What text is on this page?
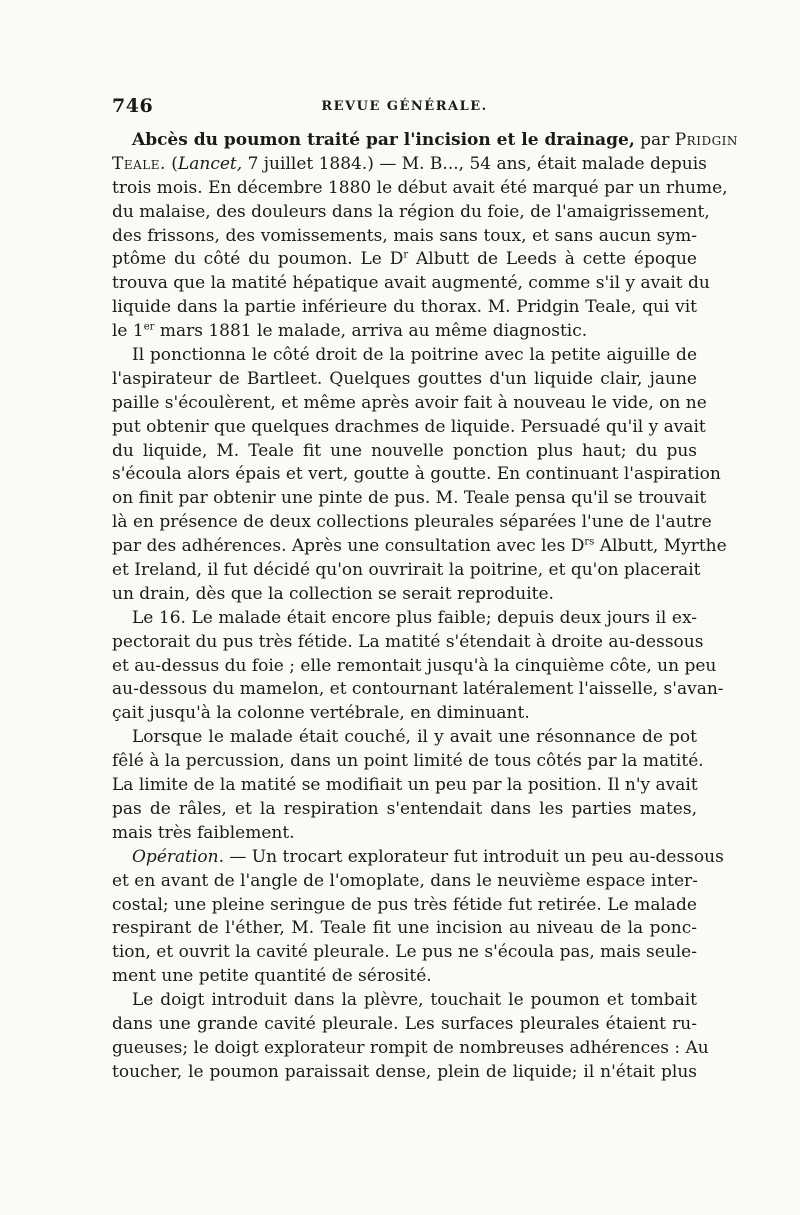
746	REVUE GÉNÉRALE.
Abcès du poumon traité par l'incision et le drainage, par Pridgin
Teale. (Lancet, 7 juillet 1884.) — M. B..., 54 ans, était malade depuis
trois mois. En décembre 1880 le début avait été marqué par un rhume,
du malaise, des douleurs dans la région du foie, de l'amaigrissement,
des frissons, des vomissements, mais sans toux, et sans aucun sym-
ptôme du côté du poumon. Le $D^r$ Albutt de Leeds à cette époque
trouva que la matité hépatique avait augmenté, comme s'il y avait du
liquide dans la partie inférieure du thorax. M. Pridgin Teale, qui vit
le 1er mars 1881 le malade, arriva au même diagnostic.
Il ponctionna le côté droit de la poitrine avec la petite aiguille de
l'aspirateur de Bartleet. Quelques gouttes d'un liquide clair, jaune
paille s'écoulèrent, et même après avoir fait à nouveau le vide, on ne
put obtenir que quelques drachmes de liquide. Persuadé qu'il y avait
du liquide, M. Teale fit une nouvelle ponction plus haut; du pus
s'écoula alors épais et vert, goutte à goutte. En continuant l'aspiration
on finit par obtenir une pinte de pus. M. Teale pensa qu'il se trouvait
là en présence de deux collections pleurales séparées l'une de l'autre
par des adhérences. Après une consultation avec les $D^{rs}$ Albutt, Myrthe
et Ireland, il fut décidé qu'on ouvrirait la poitrine, et qu'on placerait
un drain, dès que la collection se serait reproduite.
Le 16. Le malade était encore plus faible; depuis deux jours il ex-
pectorait du pus très fétide. La matité s'étendait à droite au-dessous
et au-dessus du foie ; elle remontait jusqu'à la cinquième côte, un peu
au-dessous du mamelon, et contournant latéralement l'aisselle, s'avan-
çait jusqu'à la colonne vertébrale, en diminuant.
Lorsque le malade était couché, il y avait une résonnance de pot
fêlé à la percussion, dans un point limité de tous côtés par la matité.
La limite de la matité se modifiait un peu par la position. Il n'y avait
pas de râles, et la respiration s'entendait dans les parties mates,
mais très faiblement.
Opération. — Un trocart explorateur fut introduit un peu au-dessous
et en avant de l'angle de l'omoplate, dans le neuvième espace inter-
costal; une pleine seringue de pus très fétide fut retirée. Le malade
respirant de l'éther, M. Teale fit une incision au niveau de la ponc-
tion, et ouvrit la cavité pleurale. Le pus ne s'écoula pas, mais seule-
ment une petite quantité de sérosité.
Le doigt introduit dans la plèvre, touchait le poumon et tombait
dans une grande cavité pleurale. Les surfaces pleurales étaient ru-
gueuses; le doigt explorateur rompit de nombreuses adhérences : Au
toucher, le poumon paraissait dense, plein de liquide; il n'était plus
